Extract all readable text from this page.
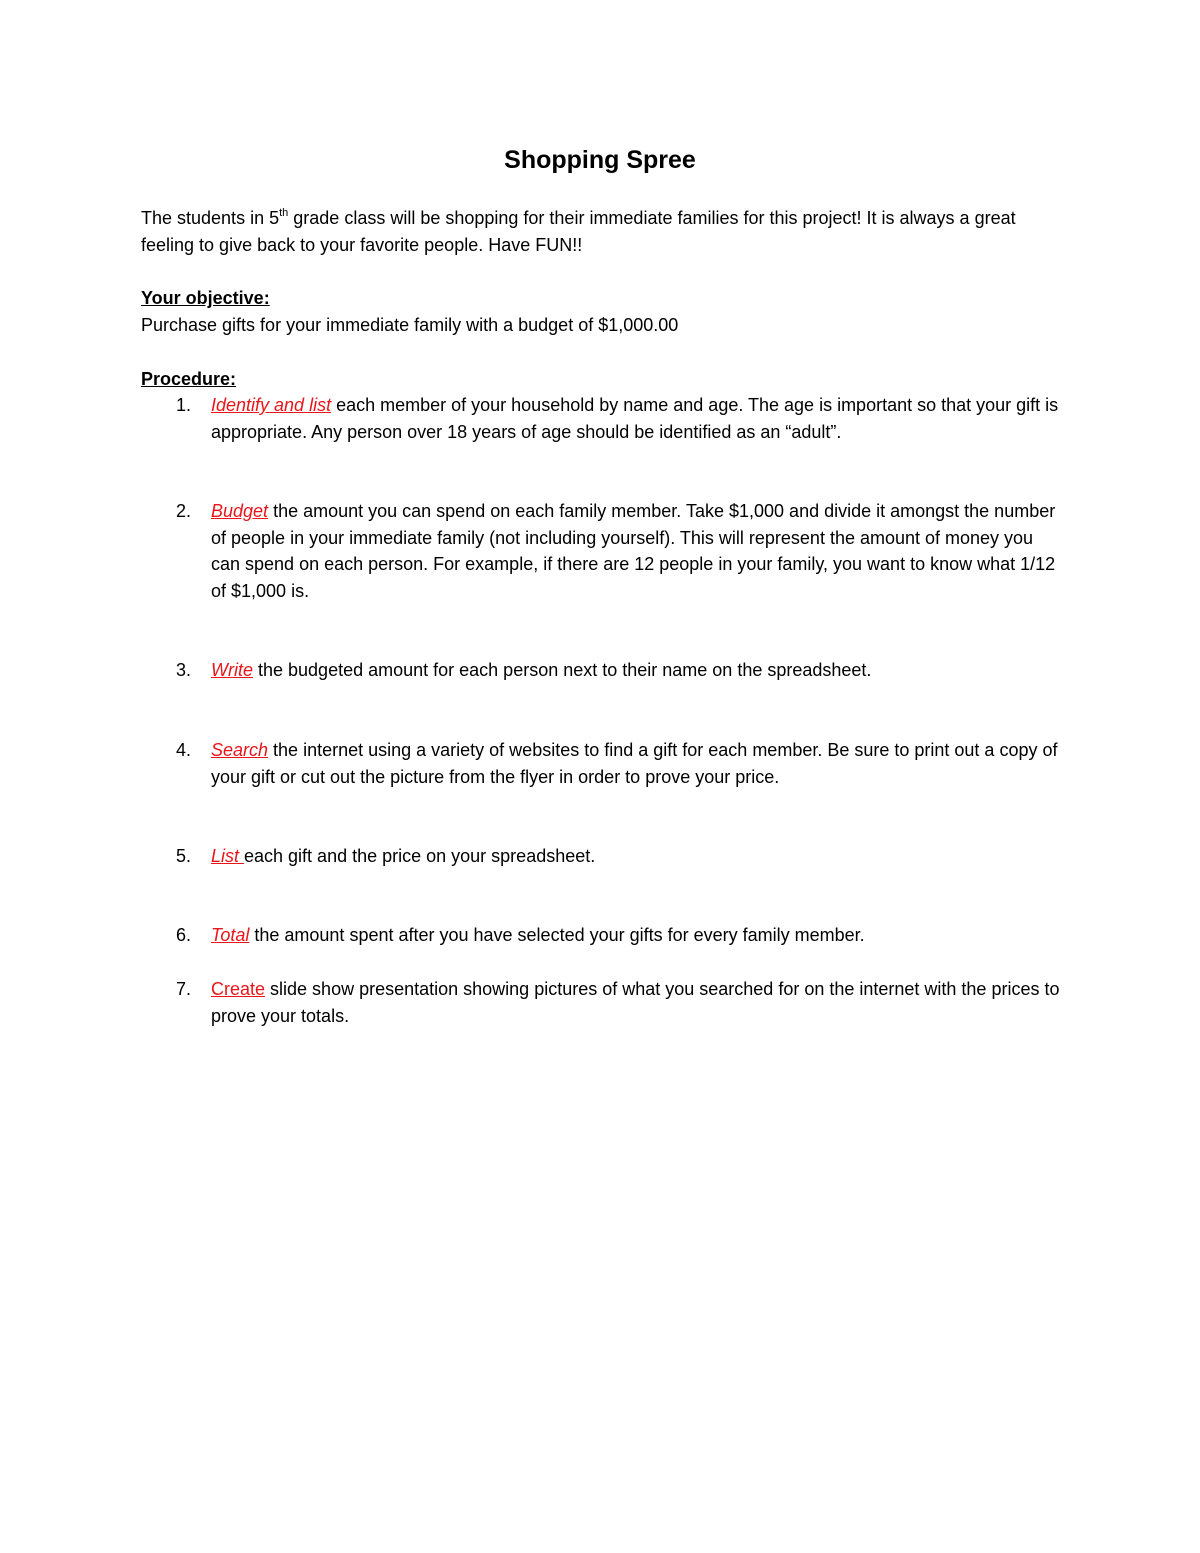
Shopping Spree
The students in 5th grade class will be shopping for their immediate families for this project! It is always a great feeling to give back to your favorite people. Have FUN!!
Your objective:
Purchase gifts for your immediate family with a budget of $1,000.00
Procedure:
1. Identify and list each member of your household by name and age. The age is important so that your gift is appropriate. Any person over 18 years of age should be identified as an “adult”.
2. Budget the amount you can spend on each family member. Take $1,000 and divide it amongst the number of people in your immediate family (not including yourself). This will represent the amount of money you can spend on each person. For example, if there are 12 people in your family, you want to know what 1/12 of $1,000 is.
3. Write the budgeted amount for each person next to their name on the spreadsheet.
4. Search the internet using a variety of websites to find a gift for each member. Be sure to print out a copy of your gift or cut out the picture from the flyer in order to prove your price.
5. List each gift and the price on your spreadsheet.
6. Total the amount spent after you have selected your gifts for every family member.
7. Create slide show presentation showing pictures of what you searched for on the internet with the prices to prove your totals.
